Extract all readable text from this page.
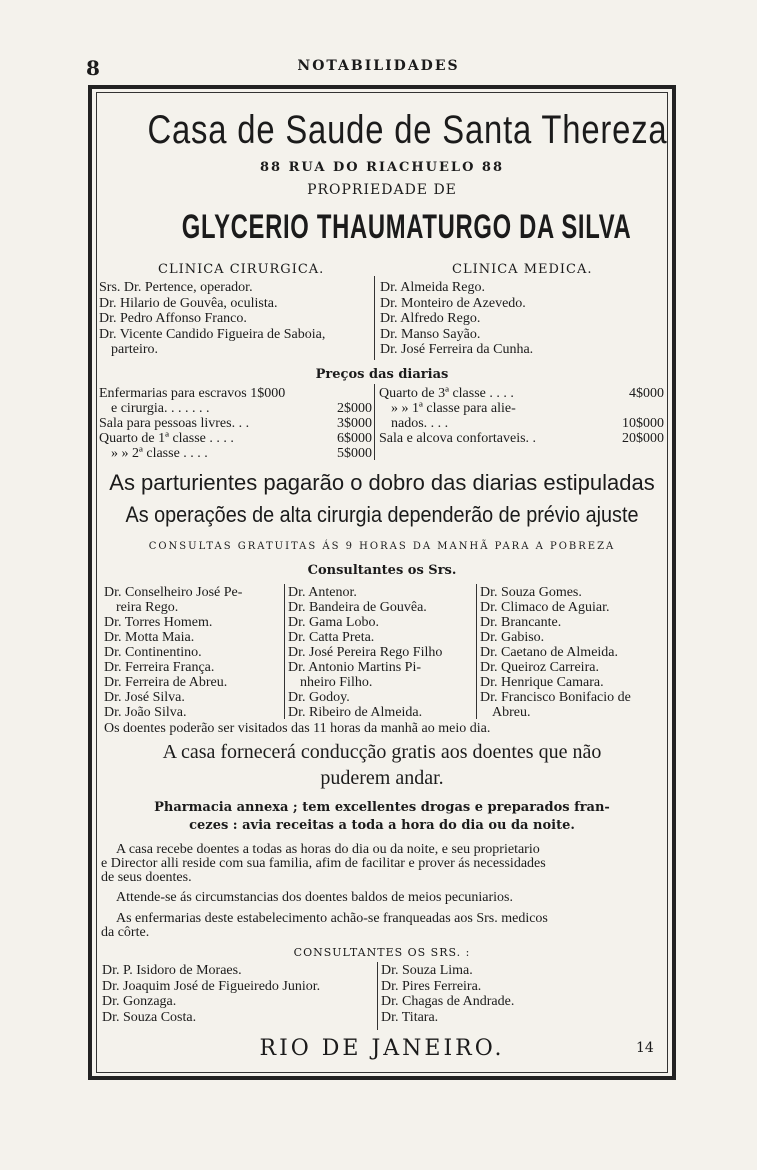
8	NOTABILIDADES
Casa de Saude de Santa Thereza
88 RUA DO RIACHUELO 88
PROPRIEDADE DE
GLYCERIO THAUMATURGO DA SILVA
CLINICA CIRURGICA.	CLINICA MEDICA.
Srs. Dr. Pertence, operador.
Dr. Hilario de Gouvêa, oculista.
Dr. Pedro Affonso Franco.
Dr. Vicente Candido Figueira de Saboia,
parteiro.
Dr. Almeida Rego.
Dr. Monteiro de Azevedo.
Dr. Alfredo Rego.
Dr. Manso Sayão.
Dr. José Ferreira da Cunha.
Preços das diarias
Enfermarias para escravos 1$000
e cirurgia. . . . . . .	2$000
Sala para pessoas livres. . .	3$000
Quarto de 1ª classe . . . .	6$000
» » 2ª classe . . . .	5$000
Quarto de 3ª classe . . . .	4$000
» » 1ª classe para alie-
nados. . . .	10$000
Sala e alcova confortaveis. .	20$000
As parturientes pagarão o dobro das diarias estipuladas
As operações de alta cirurgia dependerão de prévio ajuste
CONSULTAS GRATUITAS ÁS 9 HORAS DA MANHÃ PARA A POBREZA
Consultantes os Srs.
Dr. Conselheiro José Pe-
reira Rego.
Dr. Torres Homem.
Dr. Motta Maia.
Dr. Continentino.
Dr. Ferreira França.
Dr. Ferreira de Abreu.
Dr. José Silva.
Dr. João Silva.
Dr. Antenor.
Dr. Bandeira de Gouvêa.
Dr. Gama Lobo.
Dr. Catta Preta.
Dr. José Pereira Rego Filho
Dr. Antonio Martins Pi-
nheiro Filho.
Dr. Godoy.
Dr. Ribeiro de Almeida.
Dr. Souza Gomes.
Dr. Climaco de Aguiar.
Dr. Brancante.
Dr. Gabiso.
Dr. Caetano de Almeida.
Dr. Queiroz Carreira.
Dr. Henrique Camara.
Dr. Francisco Bonifacio de
Abreu.
Os doentes poderão ser visitados das 11 horas da manhã ao meio dia.
A casa fornecerá conducção gratis aos doentes que não
puderem andar.
Pharmacia annexa ; tem excellentes drogas e preparados fran-
cezes : avia receitas a toda a hora do dia ou da noite.
A casa recebe doentes a todas as horas do dia ou da noite, e seu proprietario
e Director alli reside com sua familia, afim de facilitar e prover ás necessidades
de seus doentes.
Attende-se ás circumstancias dos doentes baldos de meios pecuniarios.
As enfermarias deste estabelecimento achão-se franqueadas aos Srs. medicos
da côrte.
CONSULTANTES OS SRS. :
Dr. P. Isidoro de Moraes.
Dr. Joaquim José de Figueiredo Junior.
Dr. Gonzaga.
Dr. Souza Costa.
Dr. Souza Lima.
Dr. Pires Ferreira.
Dr. Chagas de Andrade.
Dr. Titara.
RIO DE JANEIRO.	14
